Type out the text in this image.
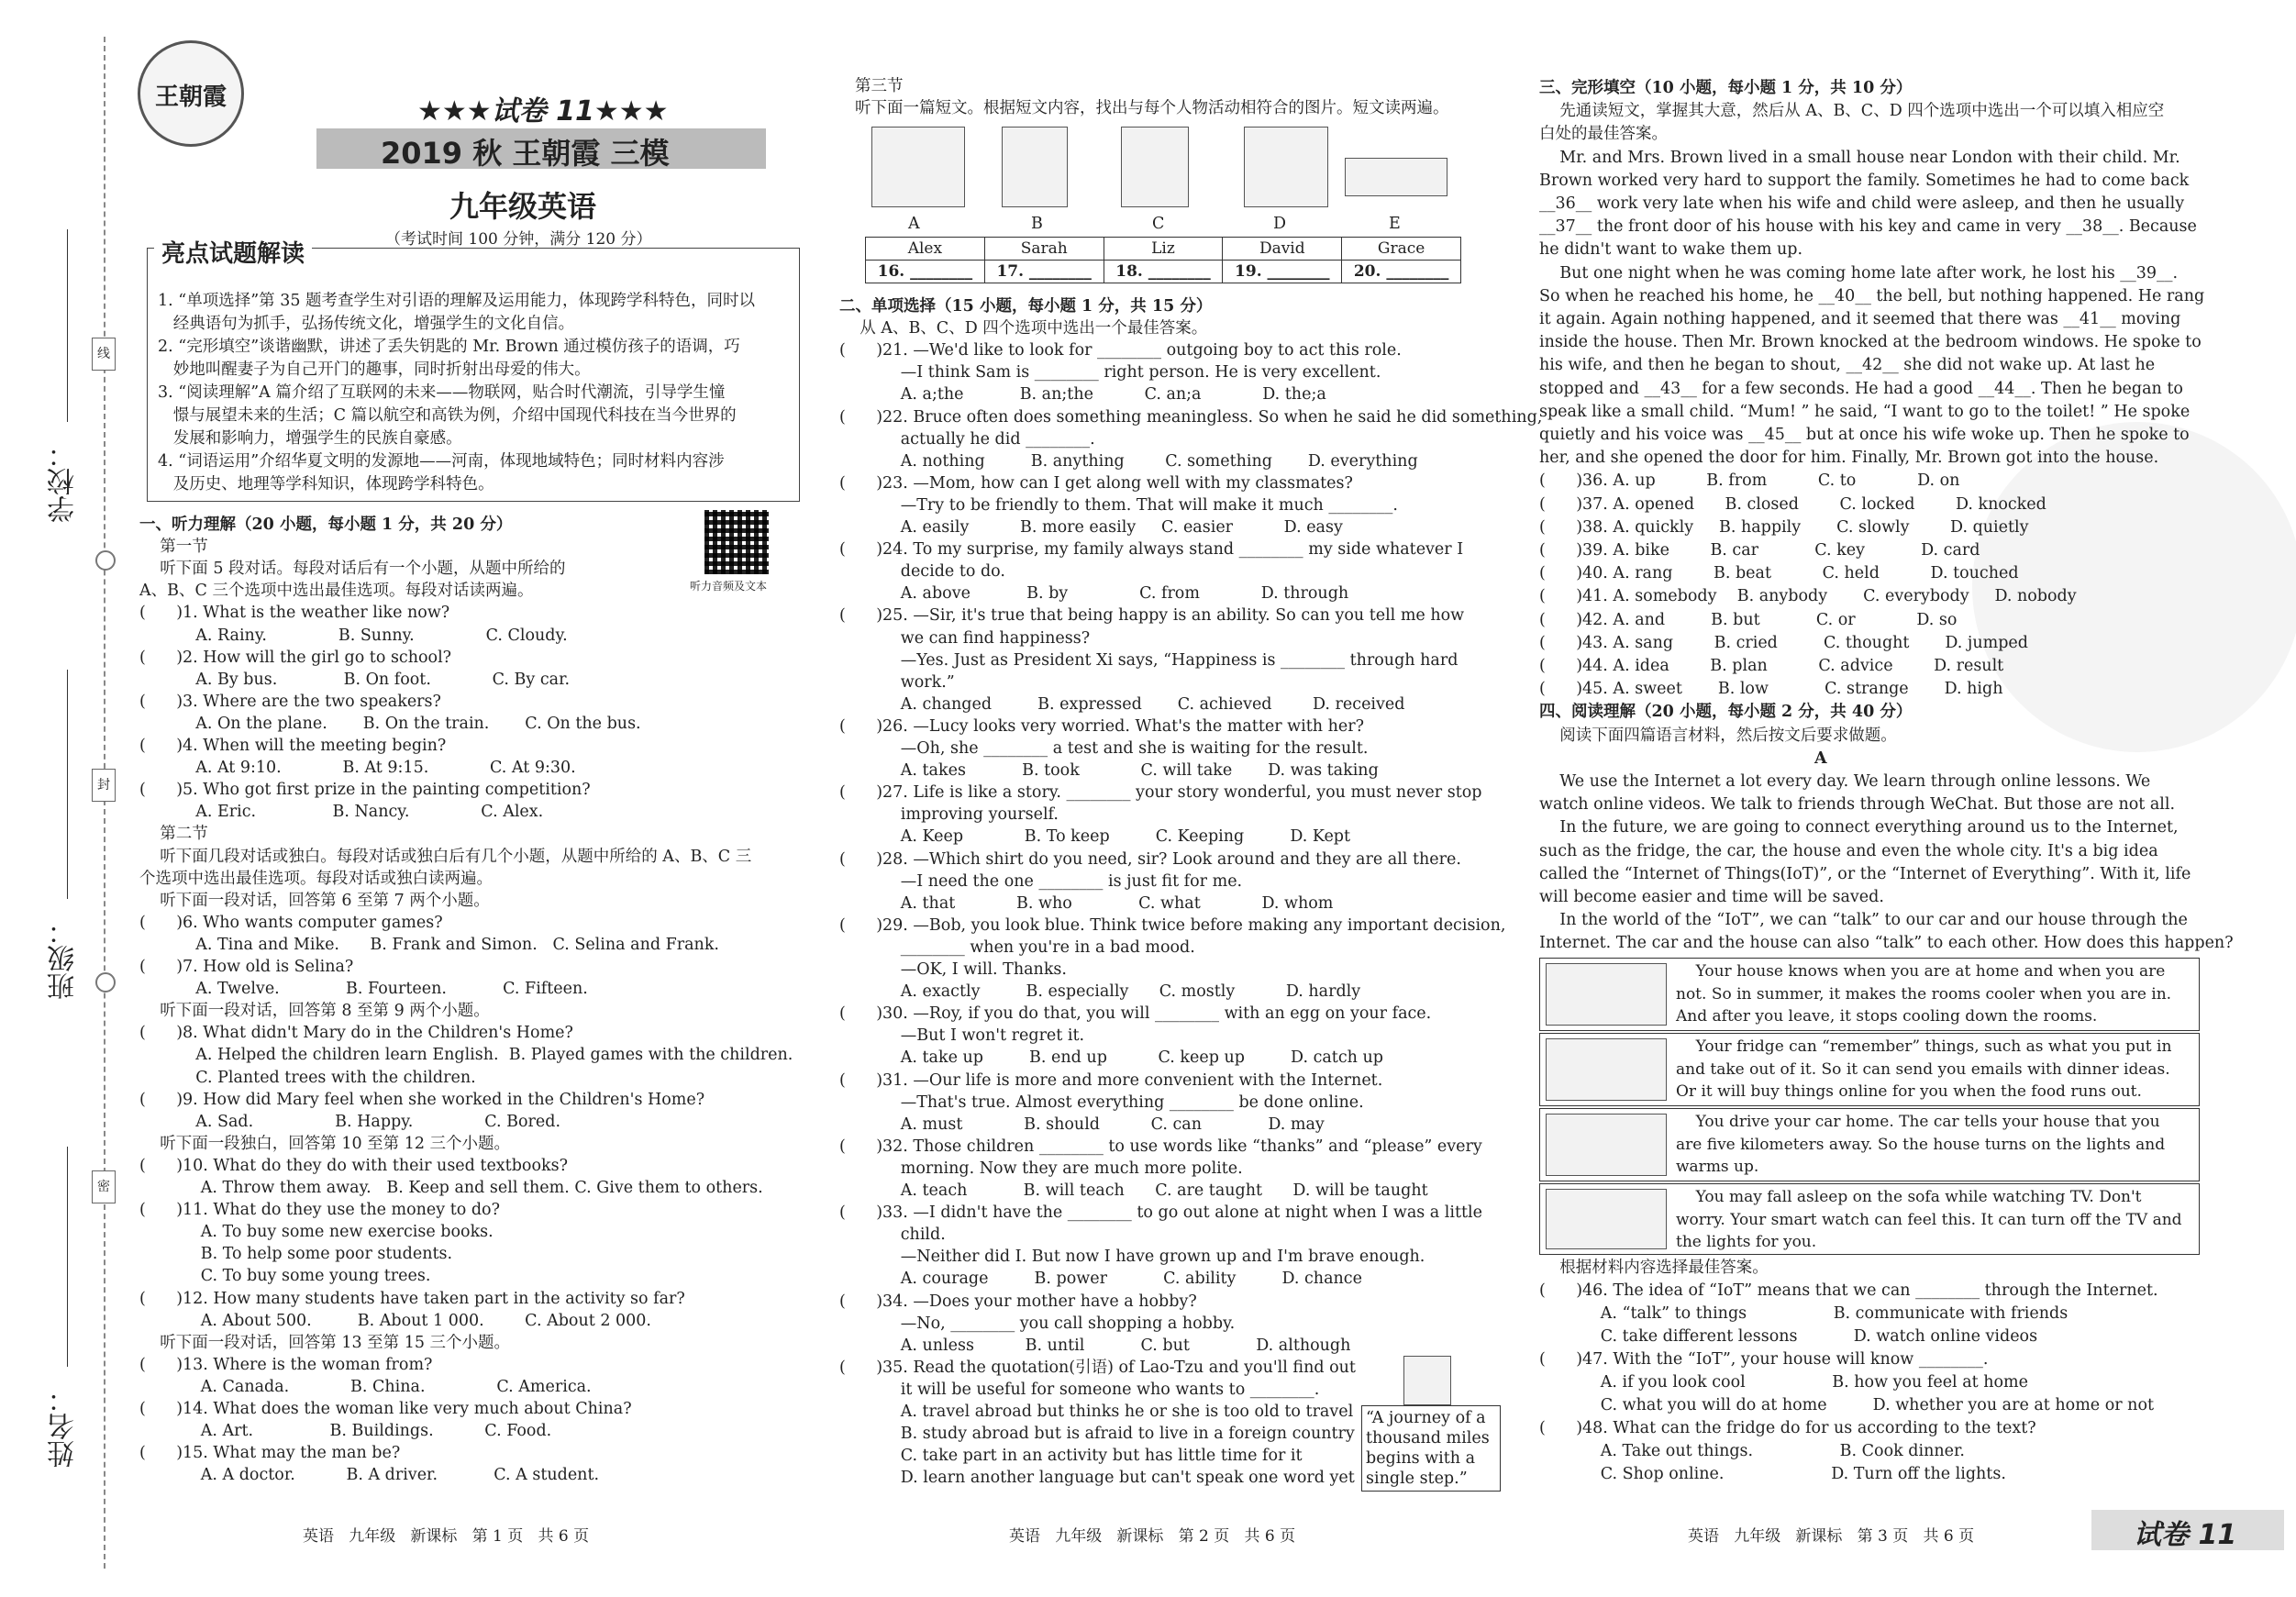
学校：
班级：
姓名：
线
封
密
王朝霞	★★★试卷 11★★★
2019 秋 王朝霞 三模
九年级英语
（考试时间 100 分钟，满分 120 分）
亮点试题解读
1. “单项选择”第 35 题考查学生对引语的理解及运用能力，体现跨学科特色，同时以
经典语句为抓手，弘扬传统文化，增强学生的文化自信。
2. “完形填空”谈谐幽默，讲述了丢失钥匙的 Mr. Brown 通过模仿孩子的语调，巧
妙地叫醒妻子为自己开门的趣事，同时折射出母爱的伟大。
3. “阅读理解”A 篇介绍了互联网的未来——物联网，贴合时代潮流，引导学生憧
憬与展望未来的生活；C 篇以航空和高铁为例，介绍中国现代科技在当今世界的
发展和影响力，增强学生的民族自豪感。
4. “词语运用”介绍华夏文明的发源地——河南，体现地域特色；同时材料内容涉
及历史、地理等学科知识，体现跨学科特色。
听力音频及文本
一、听力理解（20 小题，每小题 1 分，共 20 分）
第一节
听下面 5 段对话。每段对话后有一个小题，从题中所给的
A、B、C 三个选项中选出最佳选项。每段对话读两遍。
(      )1. What is the weather like now?
A. Rainy.              B. Sunny.              C. Cloudy.
(      )2. How will the girl go to school?
A. By bus.             B. On foot.            C. By car.
(      )3. Where are the two speakers?
A. On the plane.       B. On the train.       C. On the bus.
(      )4. When will the meeting begin?
A. At 9:10.            B. At 9:15.            C. At 9:30.
(      )5. Who got first prize in the painting competition?
A. Eric.               B. Nancy.              C. Alex.
第二节
听下面几段对话或独白。每段对话或独白后有几个小题，从题中所给的 A、B、C 三
个选项中选出最佳选项。每段对话或独白读两遍。
听下面一段对话，回答第 6 至第 7 两个小题。
(      )6. Who wants computer games?
A. Tina and Mike.      B. Frank and Simon.   C. Selina and Frank.
(      )7. How old is Selina?
A. Twelve.             B. Fourteen.           C. Fifteen.
听下面一段对话，回答第 8 至第 9 两个小题。
(      )8. What didn't Mary do in the Children's Home?
A. Helped the children learn English.  B. Played games with the children.
C. Planted trees with the children.
(      )9. How did Mary feel when she worked in the Children's Home?
A. Sad.                B. Happy.              C. Bored.
听下面一段独白，回答第 10 至第 12 三个小题。
(      )10. What do they do with their used textbooks?
A. Throw them away.   B. Keep and sell them. C. Give them to others.
(      )11. What do they use the money to do?
A. To buy some new exercise books.
B. To help some poor students.
C. To buy some young trees.
(      )12. How many students have taken part in the activity so far?
A. About 500.         B. About 1 000.        C. About 2 000.
听下面一段对话，回答第 13 至第 15 三个小题。
(      )13. Where is the woman from?
A. Canada.            B. China.              C. America.
(      )14. What does the woman like very much about China?
A. Art.               B. Buildings.          C. Food.
(      )15. What may the man be?
A. A doctor.          B. A driver.           C. A student.
第三节
听下面一篇短文。根据短文内容，找出与每个人物活动相符合的图片。短文读两遍。
A	B	C	D	E
Alex	Sarah	Liz	David	Grace
16. ________	17. ________	18. ________	19. ________	20. ________
二、单项选择（15 小题，每小题 1 分，共 15 分）
从 A、B、C、D 四个选项中选出一个最佳答案。
(      )21. —We'd like to look for ________ outgoing boy to act this role.
—I think Sam is ________ right person. He is very excellent.
A. a;the           B. an;the          C. an;a            D. the;a
(      )22. Bruce often does something meaningless. So when he said he did something,
actually he did ________.
A. nothing         B. anything        C. something       D. everything
(      )23. —Mom, how can I get along well with my classmates?
—Try to be friendly to them. That will make it much ________.
A. easily          B. more easily     C. easier          D. easy
(      )24. To my surprise, my family always stand ________ my side whatever I
decide to do.
A. above           B. by              C. from            D. through
(      )25. —Sir, it's true that being happy is an ability. So can you tell me how
we can find happiness?
—Yes. Just as President Xi says, “Happiness is ________ through hard
work.”
A. changed         B. expressed       C. achieved        D. received
(      )26. —Lucy looks very worried. What's the matter with her?
—Oh, she ________ a test and she is waiting for the result.
A. takes           B. took            C. will take       D. was taking
(      )27. Life is like a story. ________ your story wonderful, you must never stop
improving yourself.
A. Keep            B. To keep         C. Keeping         D. Kept
(      )28. —Which shirt do you need, sir? Look around and they are all there.
—I need the one ________ is just fit for me.
A. that            B. who             C. what            D. whom
(      )29. —Bob, you look blue. Think twice before making any important decision,
________ when you're in a bad mood.
—OK, I will. Thanks.
A. exactly         B. especially      C. mostly          D. hardly
(      )30. —Roy, if you do that, you will ________ with an egg on your face.
—But I won't regret it.
A. take up         B. end up          C. keep up         D. catch up
(      )31. —Our life is more and more convenient with the Internet.
—That's true. Almost everything ________ be done online.
A. must            B. should          C. can             D. may
(      )32. Those children ________ to use words like “thanks” and “please” every
morning. Now they are much more polite.
A. teach           B. will teach      C. are taught      D. will be taught
(      )33. —I didn't have the ________ to go out alone at night when I was a little
child.
—Neither did I. But now I have grown up and I'm brave enough.
A. courage         B. power           C. ability         D. chance
(      )34. —Does your mother have a hobby?
—No, ________ you call shopping a hobby.
A. unless          B. until           C. but             D. although
(      )35. Read the quotation(引语) of Lao-Tzu and you'll find out
it will be useful for someone who wants to ________.
A. travel abroad but thinks he or she is too old to travel
B. study abroad but is afraid to live in a foreign country
C. take part in an activity but has little time for it
D. learn another language but can't speak one word yet
“A journey of a
thousand miles
begins with a
single step.”
三、完形填空（10 小题，每小题 1 分，共 10 分）
先通读短文，掌握其大意，然后从 A、B、C、D 四个选项中选出一个可以填入相应空
白处的最佳答案。
Mr. and Mrs. Brown lived in a small house near London with their child. Mr.
Brown worked very hard to support the family. Sometimes he had to come back
__36__ work very late when his wife and child were asleep, and then he usually
__37__ the front door of his house with his key and came in very __38__. Because
he didn't want to wake them up.
But one night when he was coming home late after work, he lost his __39__.
So when he reached his home, he __40__ the bell, but nothing happened. He rang
it again. Again nothing happened, and it seemed that there was __41__ moving
inside the house. Then Mr. Brown knocked at the bedroom windows. He spoke to
his wife, and then he began to shout, __42__ she did not wake up. At last he
stopped and __43__ for a few seconds. He had a good __44__. Then he began to
speak like a small child. “Mum! ” he said, “I want to go to the toilet! ” He spoke
quietly and his voice was __45__ but at once his wife woke up. Then he spoke to
her, and she opened the door for him. Finally, Mr. Brown got into the house.
(      )36. A. up          B. from          C. to            D. on
(      )37. A. opened      B. closed        C. locked        D. knocked
(      )38. A. quickly     B. happily       C. slowly        D. quietly
(      )39. A. bike        B. car           C. key           D. card
(      )40. A. rang        B. beat          C. held          D. touched
(      )41. A. somebody    B. anybody       C. everybody     D. nobody
(      )42. A. and         B. but           C. or            D. so
(      )43. A. sang        B. cried         C. thought       D. jumped
(      )44. A. idea        B. plan          C. advice        D. result
(      )45. A. sweet       B. low           C. strange       D. high
四、阅读理解（20 小题，每小题 2 分，共 40 分）
阅读下面四篇语言材料，然后按文后要求做题。
A
We use the Internet a lot every day. We learn through online lessons. We
watch online videos. We talk to friends through WeChat. But those are not all.
In the future, we are going to connect everything around us to the Internet,
such as the fridge, the car, the house and even the whole city. It's a big idea
called the “Internet of Things(IoT)”, or the “Internet of Everything”. With it, life
will become easier and time will be saved.
In the world of the “IoT”, we can “talk” to our car and our house through the
Internet. The car and the house can also “talk” to each other. How does this happen?
Your house knows when you are at home and when you are
not. So in summer, it makes the rooms cooler when you are in.
And after you leave, it stops cooling down the rooms.
Your fridge can “remember” things, such as what you put in
and take out of it. So it can send you emails with dinner ideas.
Or it will buy things online for you when the food runs out.
You drive your car home. The car tells your house that you
are five kilometers away. So the house turns on the lights and
warms up.
You may fall asleep on the sofa while watching TV. Don't
worry. Your smart watch can feel this. It can turn off the TV and
the lights for you.
根据材料内容选择最佳答案。
(      )46. The idea of “IoT” means that we can ________ through the Internet.
A. “talk” to things                 B. communicate with friends
C. take different lessons           D. watch online videos
(      )47. With the “IoT”, your house will know ________.
A. if you look cool                 B. how you feel at home
C. what you will do at home         D. whether you are at home or not
(      )48. What can the fridge do for us according to the text?
A. Take out things.                 B. Cook dinner.
C. Shop online.                     D. Turn off the lights.
英语   九年级   新课标   第 1 页   共 6 页	英语   九年级   新课标   第 2 页   共 6 页	英语   九年级   新课标   第 3 页   共 6 页	试卷 11
